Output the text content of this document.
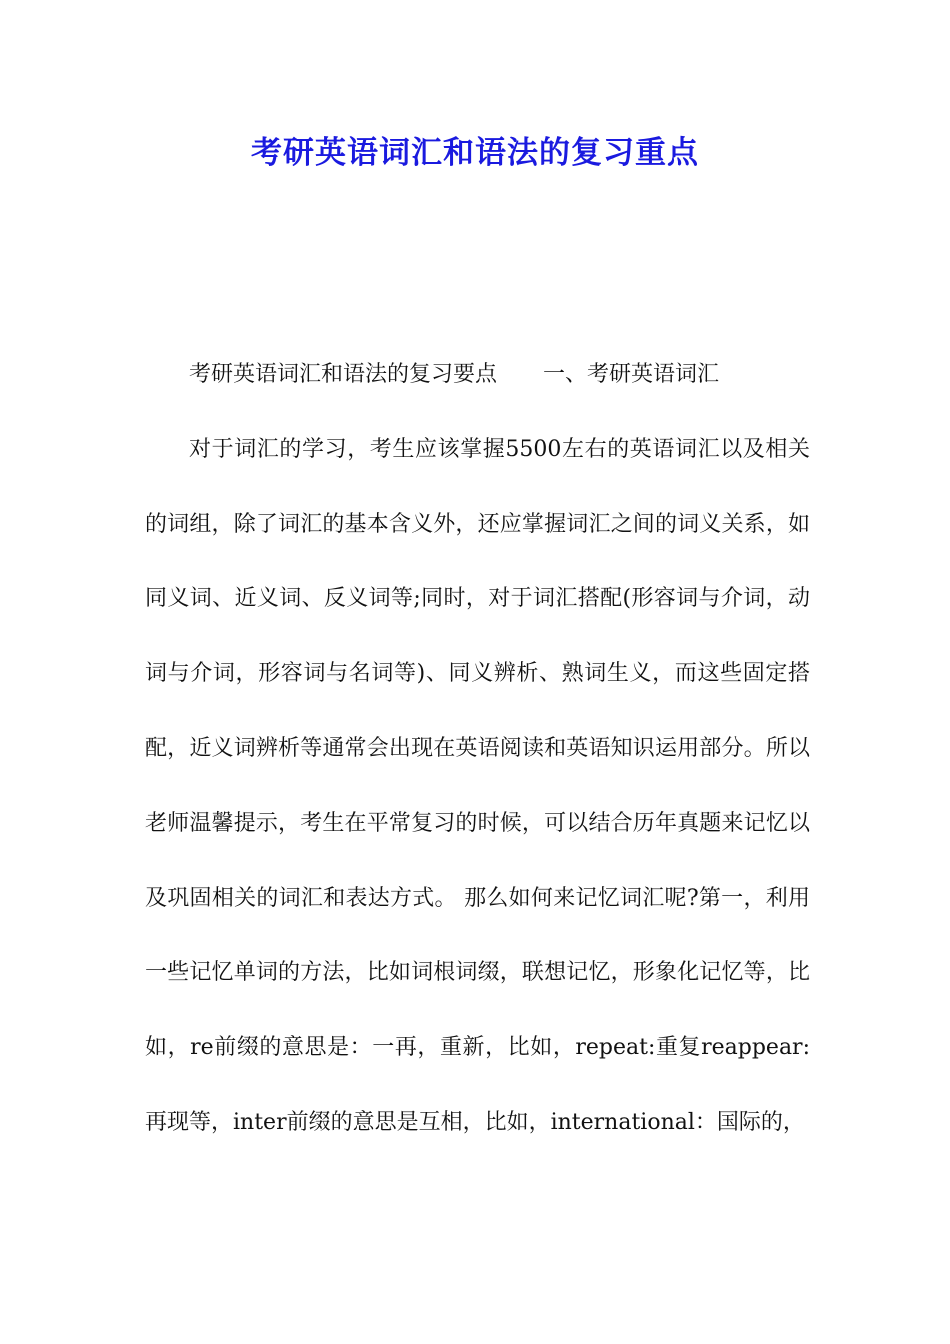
考研英语词汇和语法的复习重点

考研英语词汇和语法的复习要点 一、考研英语词汇

对于词汇的学习，考生应该掌握5500左右的英语词汇以及相关的词组，除了词汇的基本含义外，还应掌握词汇之间的词义关系，如同义词、近义词、反义词等;同时，对于词汇搭配(形容词与介词，动词与介词，形容词与名词等)、同义辨析、熟词生义，而这些固定搭配，近义词辨析等通常会出现在英语阅读和英语知识运用部分。所以老师温馨提示，考生在平常复习的时候，可以结合历年真题来记忆以及巩固相关的词汇和表达方式。 那么如何来记忆词汇呢?第一，利用一些记忆单词的方法，比如词根词缀，联想记忆，形象化记忆等，比如，re前缀的意思是：一再，重新，比如，repeat:重复reappear:再现等，inter前缀的意思是互相，比如，international：国际的，
